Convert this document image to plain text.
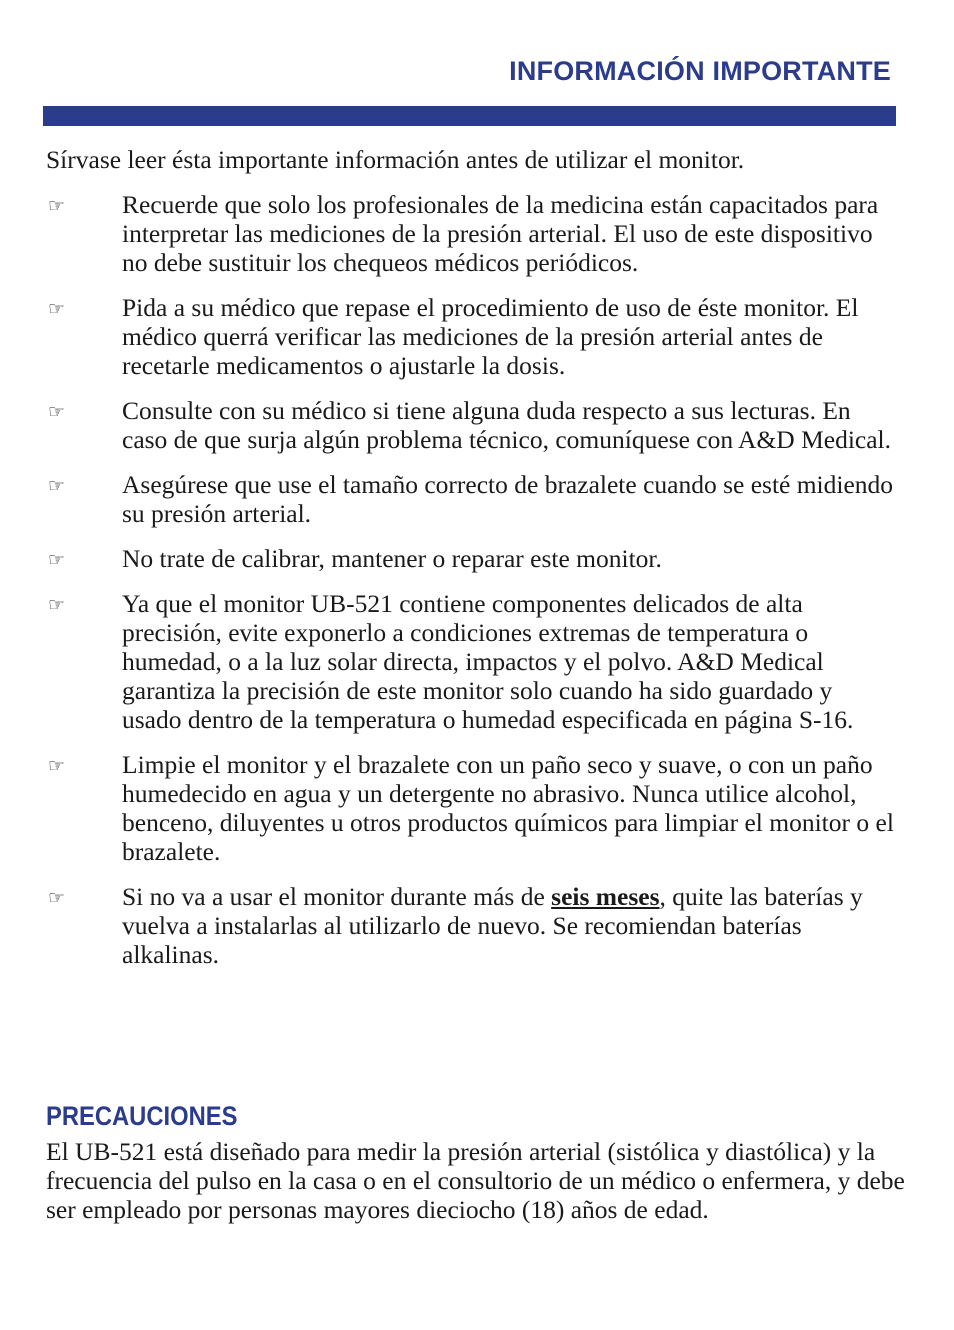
INFORMACIÓN IMPORTANTE
Sírvase leer ésta importante información antes de utilizar el monitor.
☞ Recuerde que solo los profesionales de la medicina están capacitados para interpretar las mediciones de la presión arterial. El uso de este dispositivo no debe sustituir los chequeos médicos periódicos.
☞ Pida a su médico que repase el procedimiento de uso de éste monitor. El médico querrá verificar las mediciones de la presión arterial antes de recetarle medicamentos o ajustarle la dosis.
☞ Consulte con su médico si tiene alguna duda respecto a sus lecturas. En caso de que surja algún problema técnico, comuníquese con A&D Medical.
☞ Asegúrese que use el tamaño correcto de brazalete cuando se esté midiendo su presión arterial.
☞ No trate de calibrar, mantener o reparar este monitor.
☞ Ya que el monitor UB-521 contiene componentes delicados de alta precisión, evite exponerlo a condiciones extremas de temperatura o humedad, o a la luz solar directa, impactos y el polvo. A&D Medical garantiza la precisión de este monitor solo cuando ha sido guardado y usado dentro de la temperatura o humedad especificada en página S-16.
☞ Limpie el monitor y el brazalete con un paño seco y suave, o con un paño humedecido en agua y un detergente no abrasivo. Nunca utilice alcohol, benceno, diluyentes u otros productos químicos para limpiar el monitor o el brazalete.
☞ Si no va a usar el monitor durante más de seis meses, quite las baterías y vuelva a instalarlas al utilizarlo de nuevo. Se recomiendan baterías alkalinas.
PRECAUCIONES
El UB-521 está diseñado para medir la presión arterial (sistólica y diastólica) y la frecuencia del pulso en la casa o en el consultorio de un médico o enfermera, y debe ser empleado por personas mayores dieciocho (18) años de edad.
